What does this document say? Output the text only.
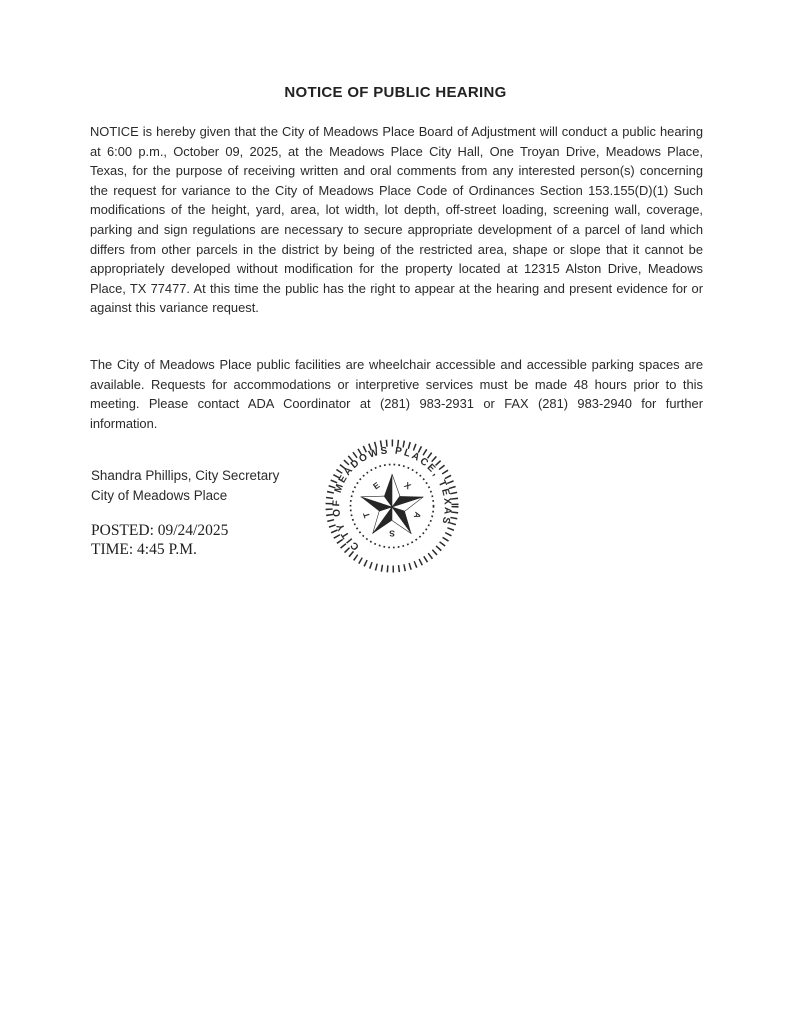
NOTICE OF PUBLIC HEARING

NOTICE is hereby given that the City of Meadows Place Board of Adjustment will conduct a public hearing at 6:00 p.m., October 09, 2025, at the Meadows Place City Hall, One Troyan Drive, Meadows Place, Texas, for the purpose of receiving written and oral comments from any interested person(s) concerning the request for variance to the City of Meadows Place Code of Ordinances Section 153.155(D)(1) Such modifications of the height, yard, area, lot width, lot depth, off-street loading, screening wall, coverage, parking and sign regulations are necessary to secure appropriate development of a parcel of land which differs from other parcels in the district by being of the restricted area, shape or slope that it cannot be appropriately developed without modification for the property located at 12315 Alston Drive, Meadows Place, TX 77477. At this time the public has the right to appear at the hearing and present evidence for or against this variance request.

The City of Meadows Place public facilities are wheelchair accessible and accessible parking spaces are available. Requests for accommodations or interpretive services must be made 48 hours prior to this meeting. Please contact ADA Coordinator at (281) 983-2931 or FAX (281) 983-2940 for further information.

Shandra Phillips, City Secretary
City of Meadows Place
POSTED: 09/24/2025
TIME: 4:45 P.M.	CITY OF MEADOWS PLACE, TEXAS
T
E X
A
S
